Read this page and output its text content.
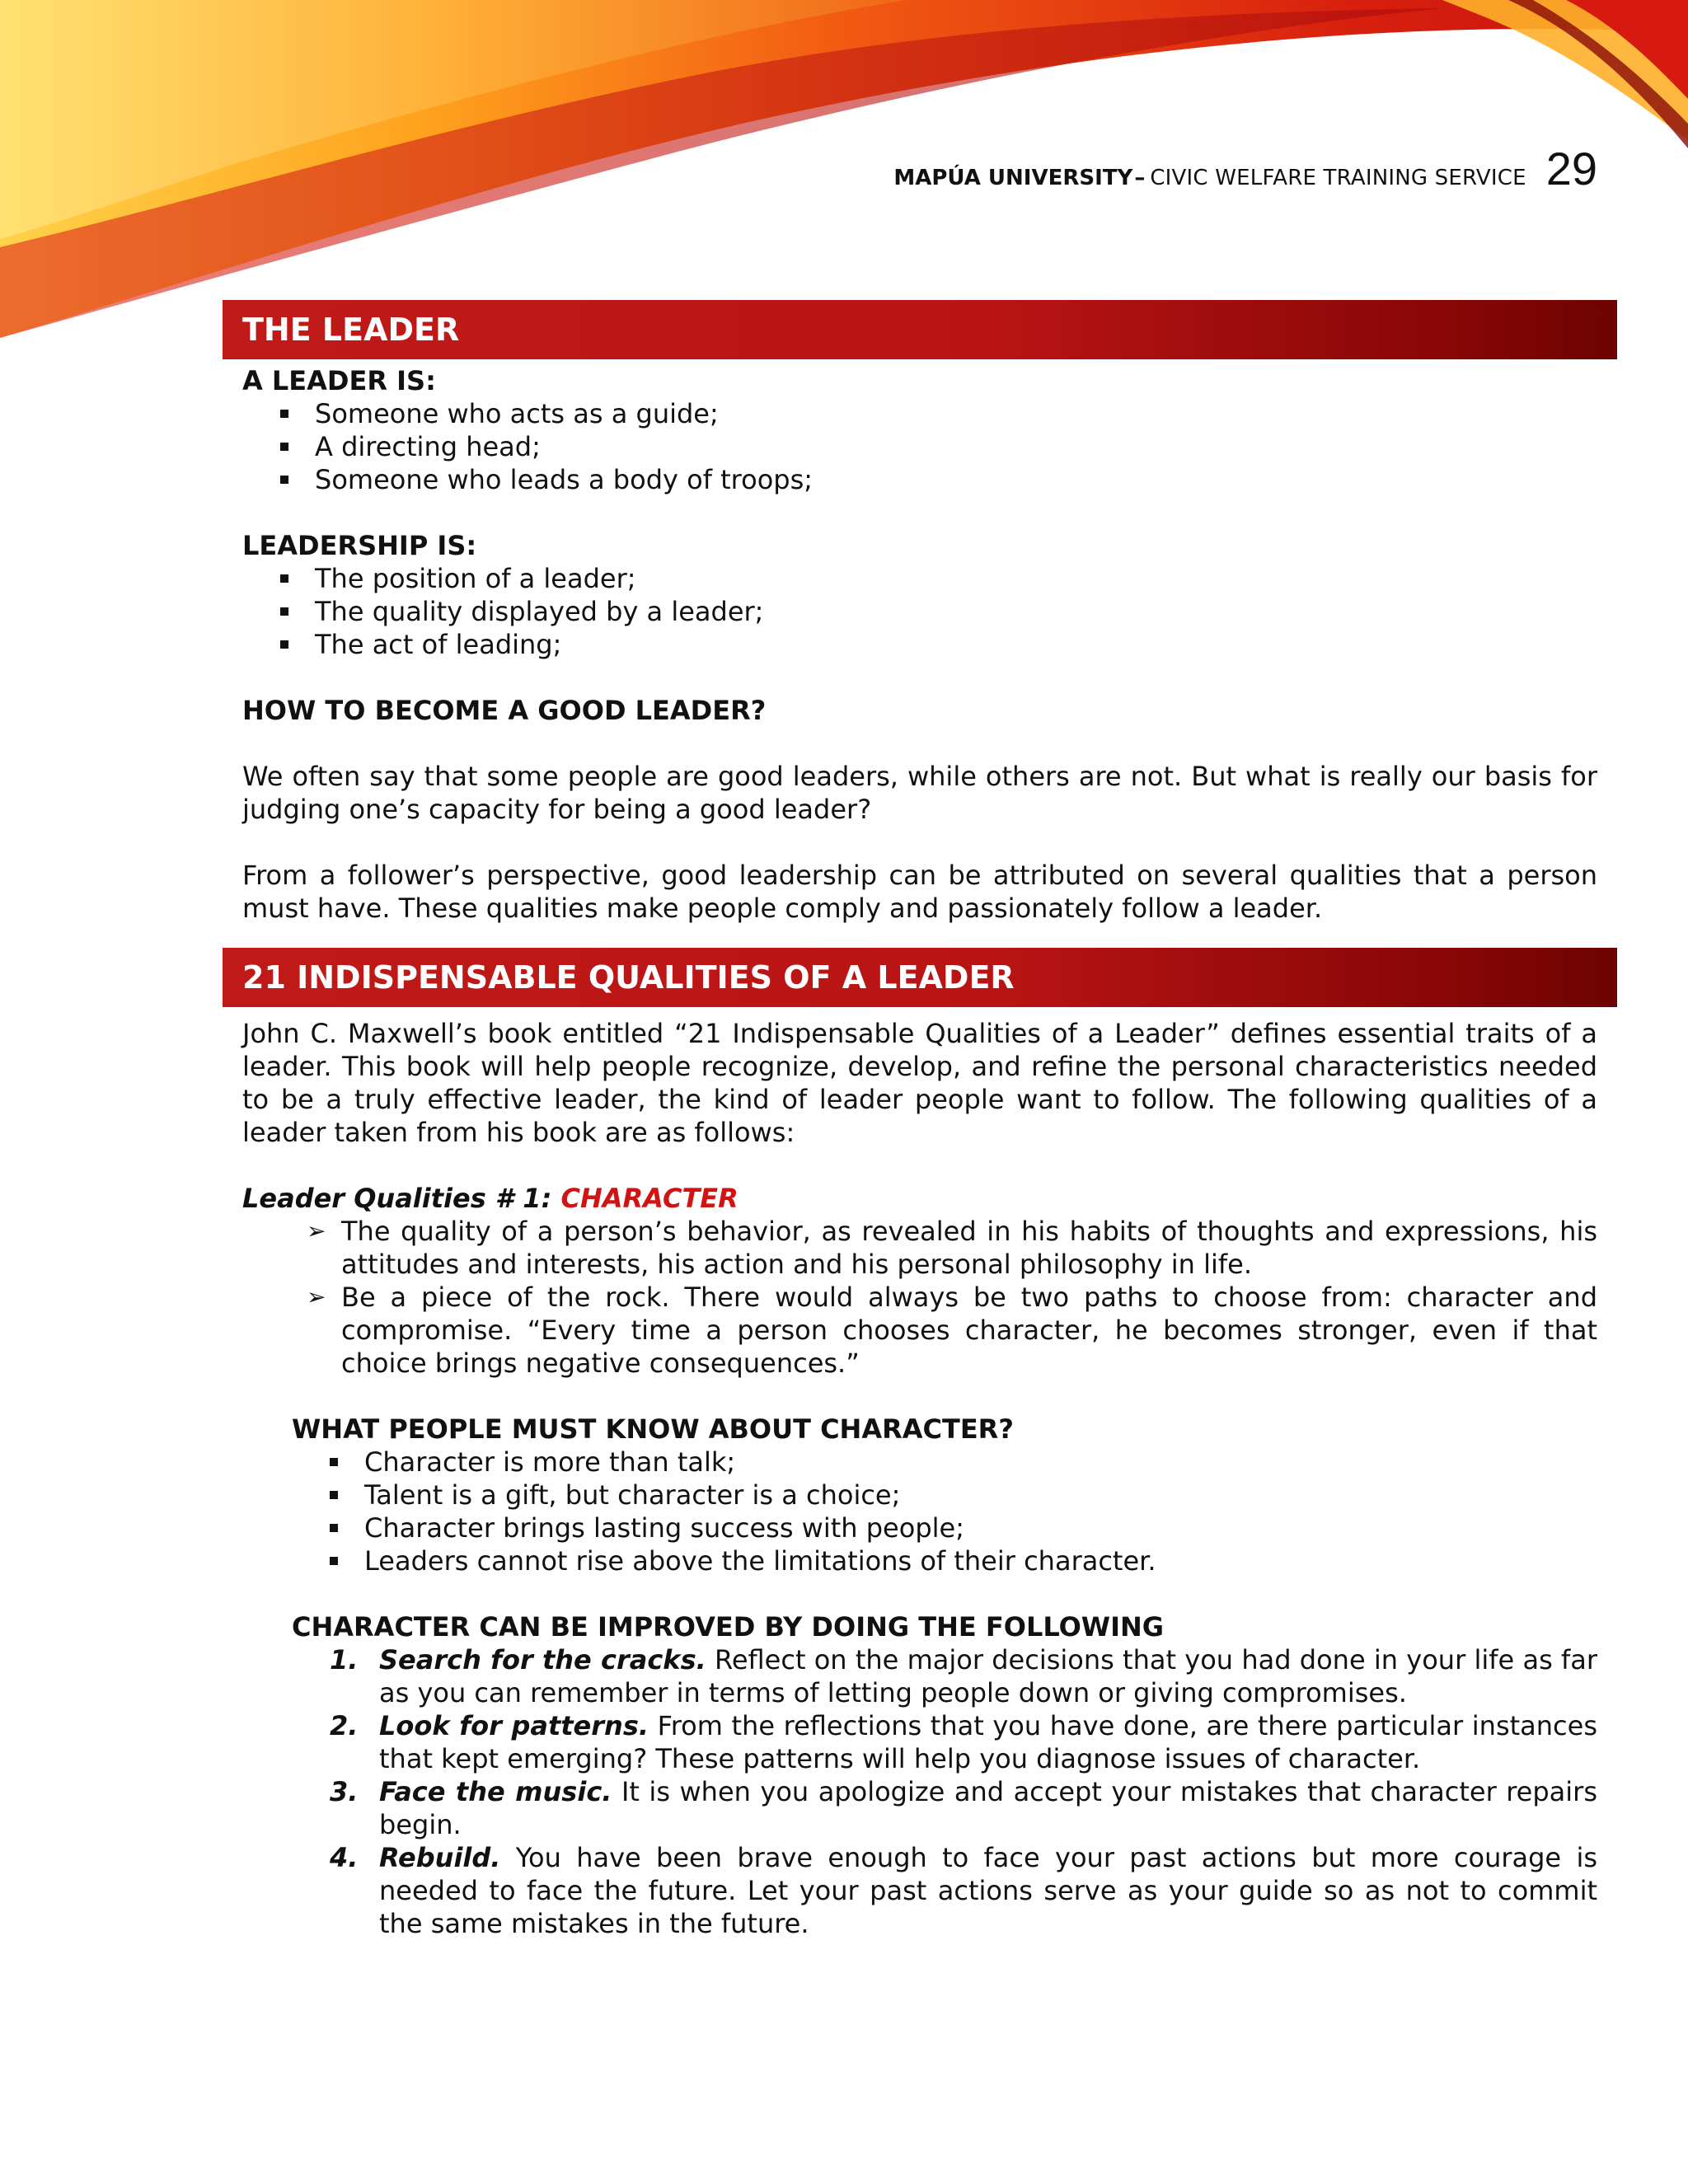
MAPÚA UNIVERSITY – CIVIC WELFARE TRAINING SERVICE 29
THE LEADER
A LEADER IS:
Someone who acts as a guide;
A directing head;
Someone who leads a body of troops;
LEADERSHIP IS:
The position of a leader;
The quality displayed by a leader;
The act of leading;
HOW TO BECOME A GOOD LEADER?

We often say that some people are good leaders, while others are not. But what is really our basis for judging one’s capacity for being a good leader?

From a follower’s perspective, good leadership can be attributed on several qualities that a person must have. These qualities make people comply and passionately follow a leader.

21 INDISPENSABLE QUALITIES OF A LEADER

John C. Maxwell’s book entitled “21 Indispensable Qualities of a Leader” defines essential traits of a leader. This book will help people recognize, develop, and refine the personal characteristics needed to be a truly effective leader, the kind of leader people want to follow. The following qualities of a leader taken from his book are as follows:

Leader Qualities # 1: CHARACTER
➢ The quality of a person’s behavior, as revealed in his habits of thoughts and expressions, his attitudes and interests, his action and his personal philosophy in life.
➢ Be a piece of the rock. There would always be two paths to choose from: character and compromise. “Every time a person chooses character, he becomes stronger, even if that choice brings negative consequences.”
WHAT PEOPLE MUST KNOW ABOUT CHARACTER?
Character is more than talk;
Talent is a gift, but character is a choice;
Character brings lasting success with people;
Leaders cannot rise above the limitations of their character.
CHARACTER CAN BE IMPROVED BY DOING THE FOLLOWING
1. Search for the cracks. Reflect on the major decisions that you had done in your life as far as you can remember in terms of letting people down or giving compromises.
2. Look for patterns. From the reflections that you have done, are there particular instances that kept emerging? These patterns will help you diagnose issues of character.
3. Face the music. It is when you apologize and accept your mistakes that character repairs begin.
4. Rebuild. You have been brave enough to face your past actions but more courage is needed to face the future. Let your past actions serve as your guide so as not to commit the same mistakes in the future.
